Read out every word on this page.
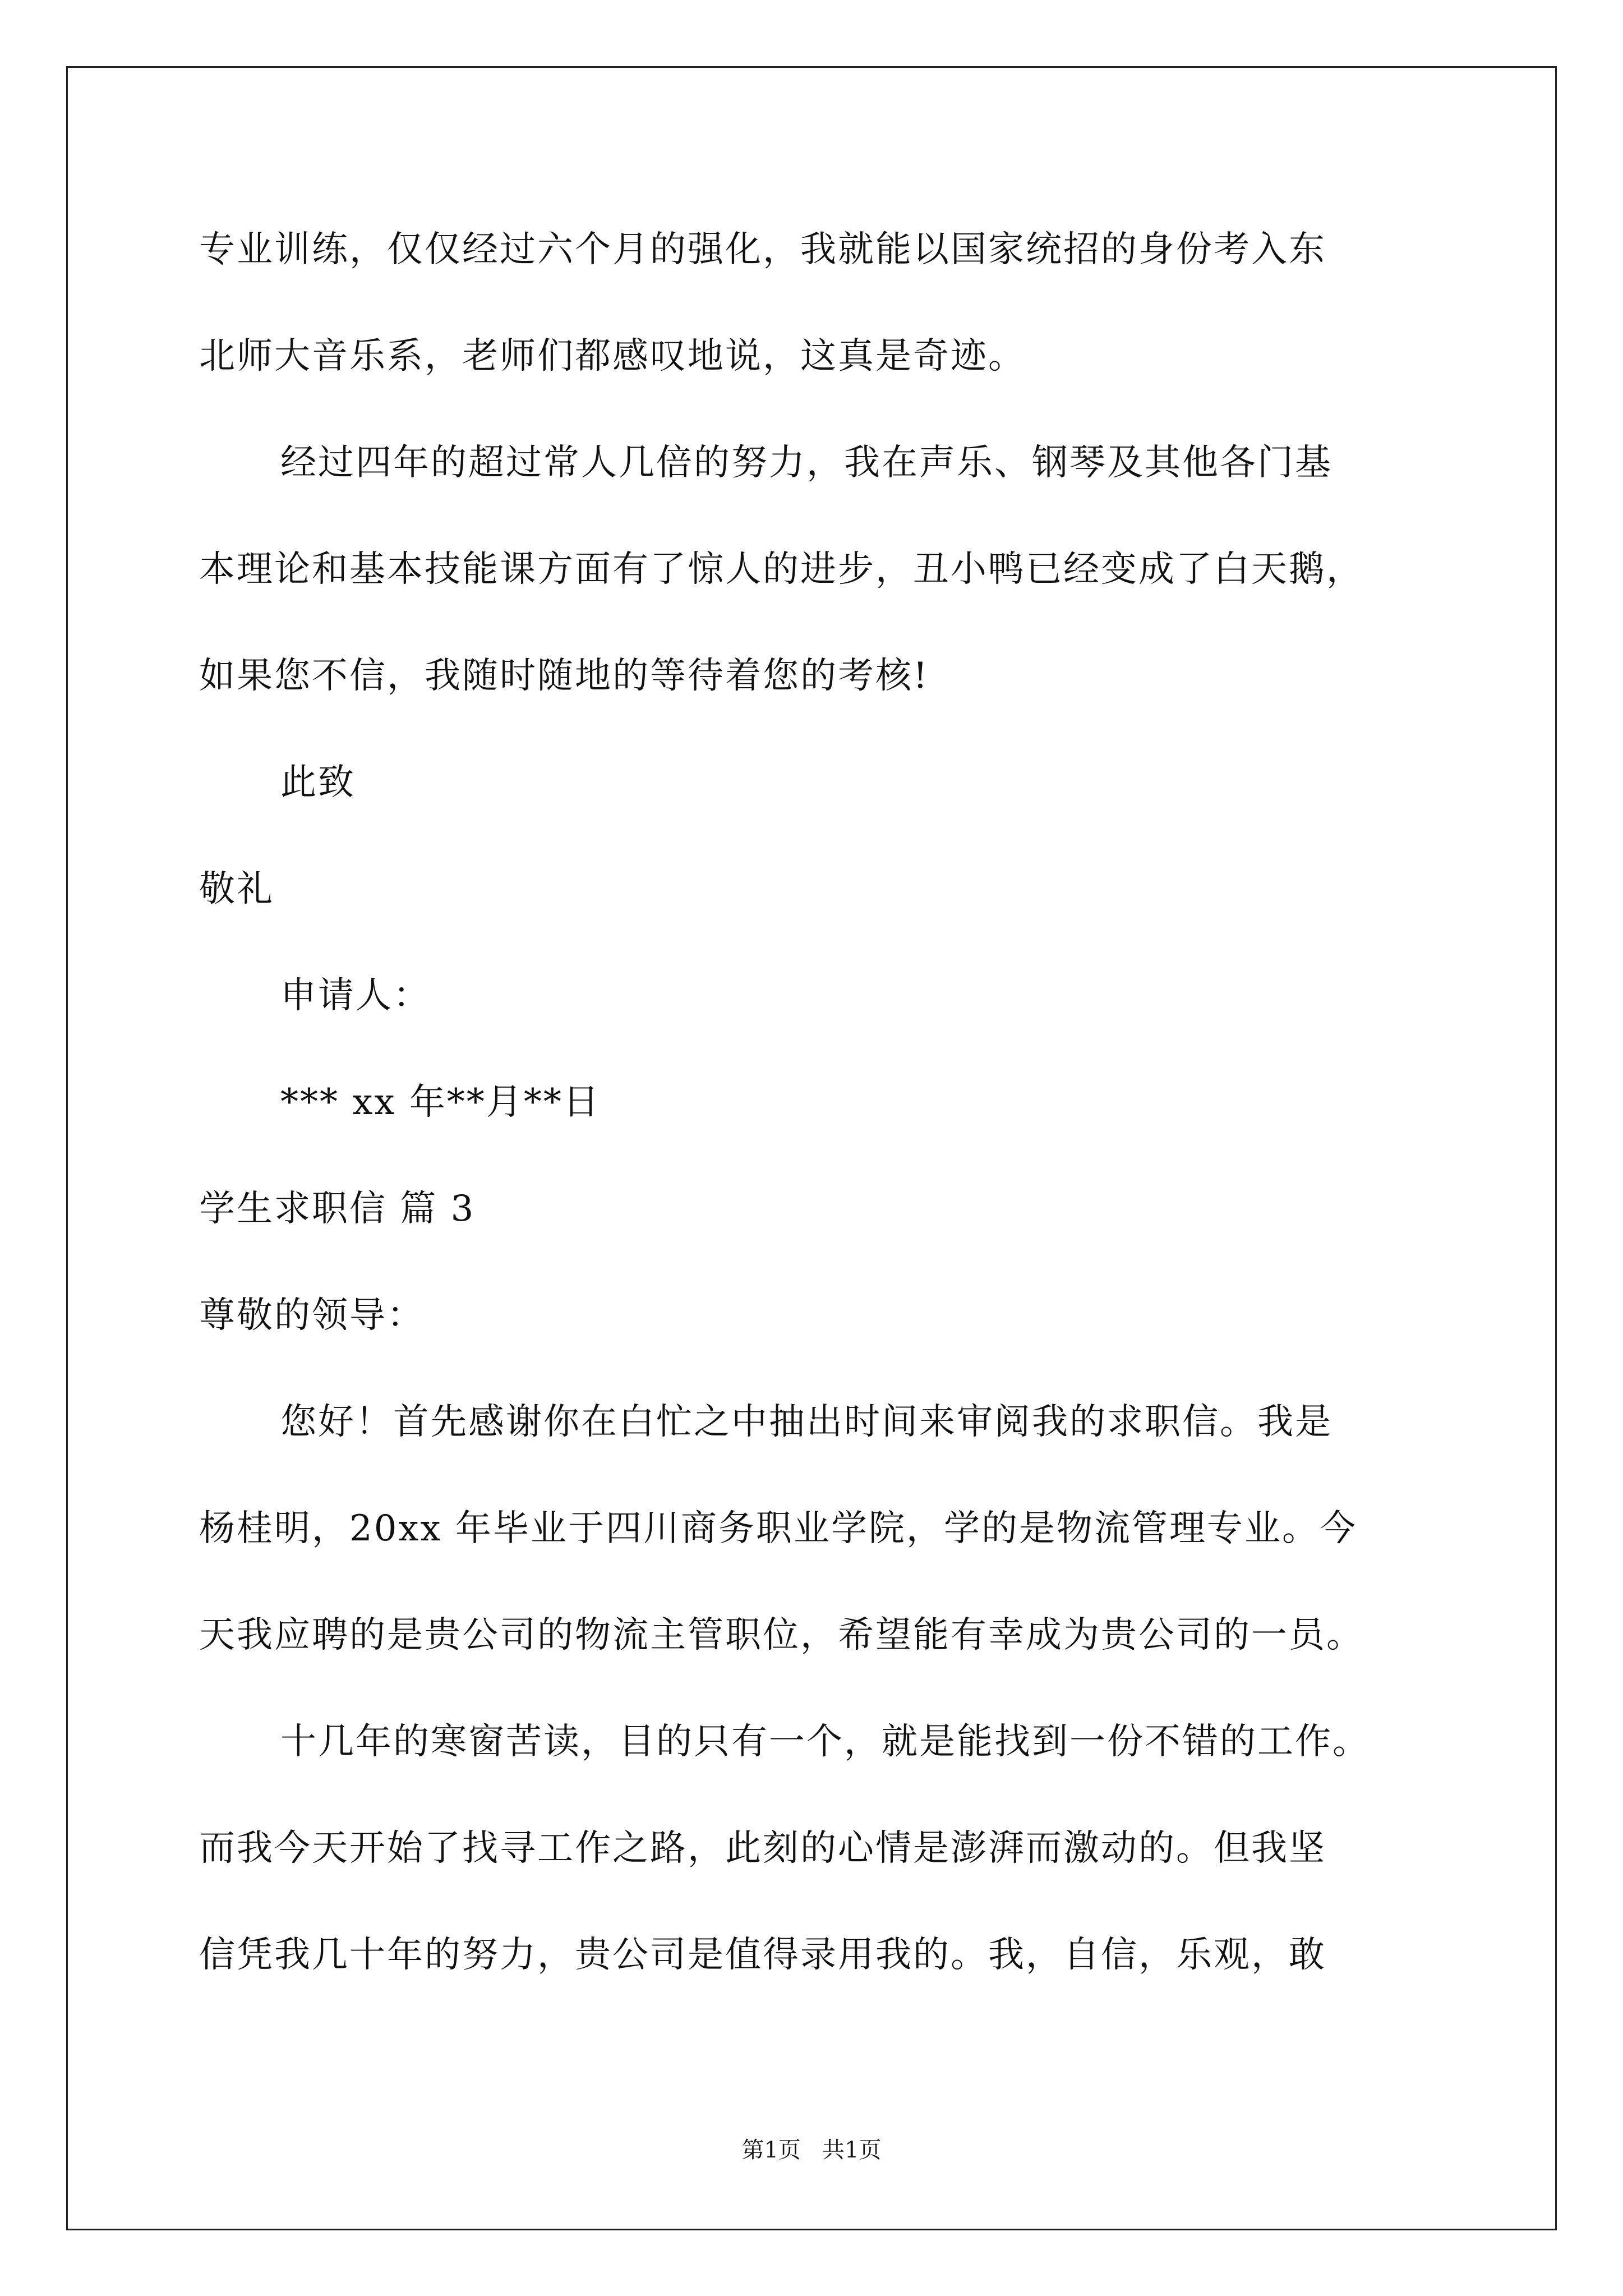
专业训练，仅仅经过六个月的强化，我就能以国家统招的身份考入东
北师大音乐系，老师们都感叹地说，这真是奇迹。
经过四年的超过常人几倍的努力，我在声乐、钢琴及其他各门基
本理论和基本技能课方面有了惊人的进步，丑小鸭已经变成了白天鹅，
如果您不信，我随时随地的等待着您的考核!
此致
敬礼
申请人：
*** xx 年**月**日
学生求职信 篇 3
尊敬的领导：
您好！首先感谢你在白忙之中抽出时间来审阅我的求职信。我是
杨桂明，20xx 年毕业于四川商务职业学院，学的是物流管理专业。今
天我应聘的是贵公司的物流主管职位，希望能有幸成为贵公司的一员。
十几年的寒窗苦读，目的只有一个，就是能找到一份不错的工作。
而我今天开始了找寻工作之路，此刻的心情是澎湃而激动的。但我坚
信凭我几十年的努力，贵公司是值得录用我的。我，自信，乐观，敢
第1页   共1页
